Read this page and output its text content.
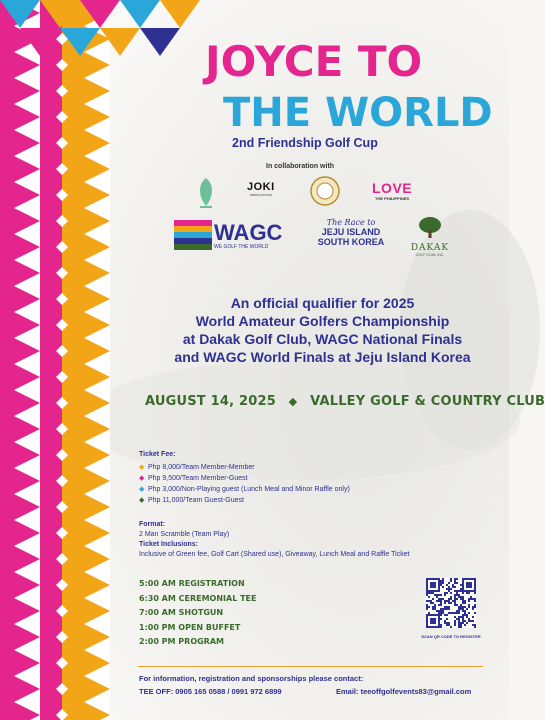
JOYCE TO
THE WORLD
2nd Friendship Golf Cup
In collaboration with
JOKI
PRODUCTIONS	LOVE
THE PHILIPPINES
WAGC
WE GOLF THE WORLD
The Race to
JEJU ISLAND
SOUTH KOREA
DAKAK
GOLF CLUB, INC.
An official qualifier for 2025
World Amateur Golfers Championship
at Dakak Golf Club, WAGC National Finals
and WAGC World Finals at Jeju Island Korea
AUGUST 14, 2025 ◆ VALLEY GOLF & COUNTRY CLUB
Ticket Fee:
◆ Php 8,000/Team Member-Member
◆ Php 9,500/Team Member-Guest
◆ Php 3,000/Non-Playing guest (Lunch Meal and Minor Raffle only)
◆ Php 11,000/Team Guest-Guest
Format:
2 Man Scramble (Team Play)
Ticket Inclusions:
Inclusive of Green fee, Golf Cart (Shared use), Giveaway, Lunch Meal and Raffle Ticket
5:00 AM REGISTRATION
6:30 AM CEREMONIAL TEE
7:00 AM SHOTGUN
1:00 PM OPEN BUFFET
2:00 PM PROGRAM
SCAN QR CODE TO REGISTER
For information, registration and sponsorships please contact:
TEE OFF: 0905 165 0588 / 0991 972 6899	Email: teeoffgolfevents83@gmail.com
